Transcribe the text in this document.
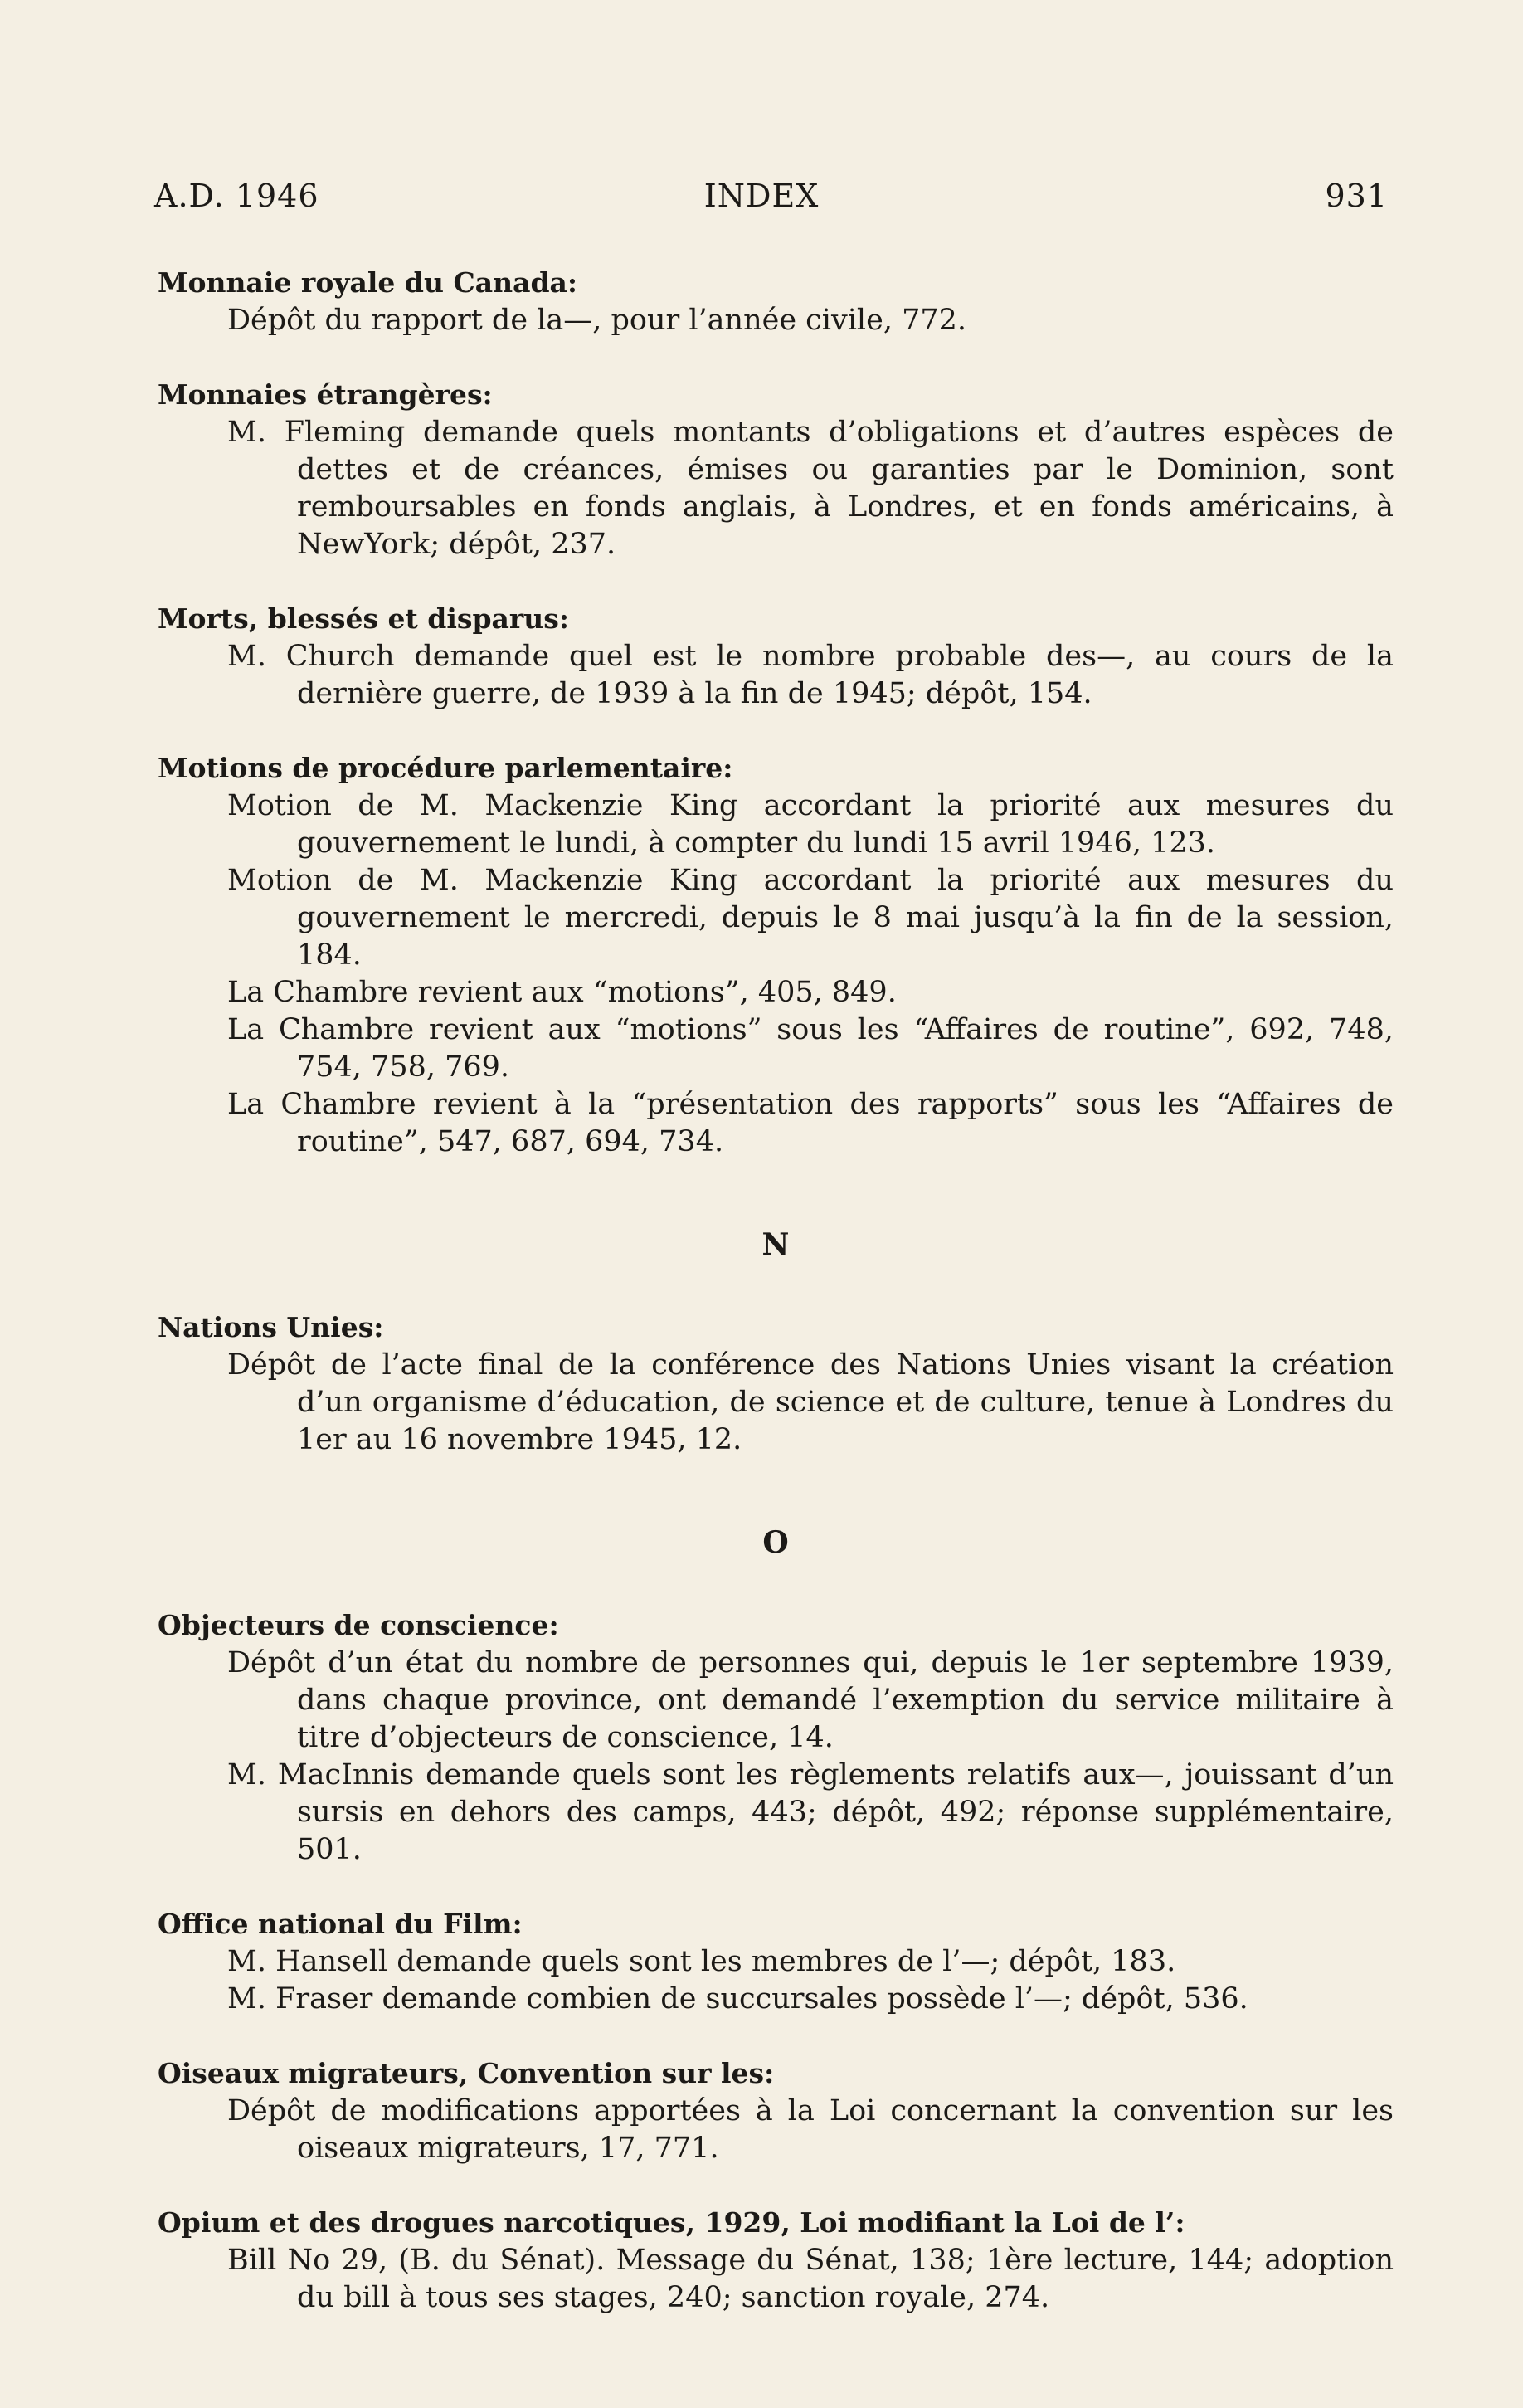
A.D. 1946	INDEX	931
Monnaie royale du Canada:
Dépôt du rapport de la—, pour l’année civile, 772.
Monnaies étrangères:
M. Fleming demande quels montants d’obligations et d’autres espèces de dettes et de créances, émises ou garanties par le Dominion, sont remboursables en fonds anglais, à Londres, et en fonds américains, à NewYork; dépôt, 237.
Morts, blessés et disparus:
M. Church demande quel est le nombre probable des—, au cours de la dernière guerre, de 1939 à la fin de 1945; dépôt, 154.
Motions de procédure parlementaire:
Motion de M. Mackenzie King accordant la priorité aux mesures du gouvernement le lundi, à compter du lundi 15 avril 1946, 123.
Motion de M. Mackenzie King accordant la priorité aux mesures du gouvernement le mercredi, depuis le 8 mai jusqu’à la fin de la session, 184.
La Chambre revient aux “motions”, 405, 849.
La Chambre revient aux “motions” sous les “Affaires de routine”, 692, 748, 754, 758, 769.
La Chambre revient à la “présentation des rapports” sous les “Affaires de routine”, 547, 687, 694, 734.
N
Nations Unies:
Dépôt de l’acte final de la conférence des Nations Unies visant la création d’un organisme d’éducation, de science et de culture, tenue à Londres du 1er au 16 novembre 1945, 12.
O
Objecteurs de conscience:
Dépôt d’un état du nombre de personnes qui, depuis le 1er septembre 1939, dans chaque province, ont demandé l’exemption du service militaire à titre d’objecteurs de conscience, 14.
M. MacInnis demande quels sont les règlements relatifs aux—, jouissant d’un sursis en dehors des camps, 443; dépôt, 492; réponse supplémentaire, 501.
Office national du Film:
M. Hansell demande quels sont les membres de l’—; dépôt, 183.
M. Fraser demande combien de succursales possède l’—; dépôt, 536.
Oiseaux migrateurs, Convention sur les:
Dépôt de modifications apportées à la Loi concernant la convention sur les oiseaux migrateurs, 17, 771.
Opium et des drogues narcotiques, 1929, Loi modifiant la Loi de l’:
Bill No 29, (B. du Sénat). Message du Sénat, 138; 1ère lecture, 144; adoption du bill à tous ses stages, 240; sanction royale, 274.
